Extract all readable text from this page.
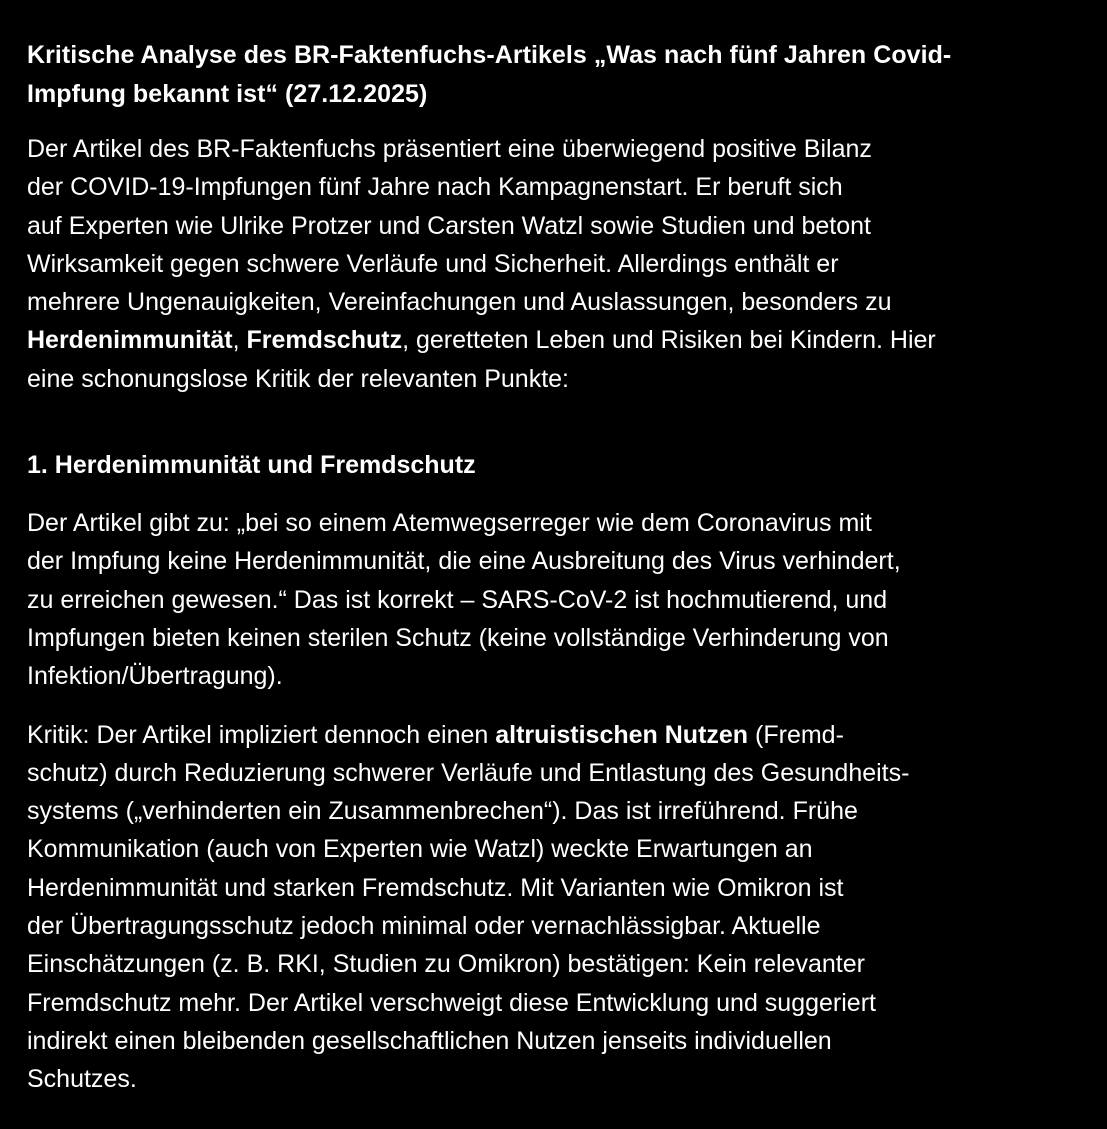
Kritische Analyse des BR-Faktenfuchs-Artikels „Was nach fünf Jahren Covid-
Impfung bekannt ist“ (27.12.2025)

Der Artikel des BR-Faktenfuchs präsentiert eine überwiegend positive Bilanz
der COVID-19-Impfungen fünf Jahre nach Kampagnenstart. Er beruft sich
auf Experten wie Ulrike Protzer und Carsten Watzl sowie Studien und betont
Wirksamkeit gegen schwere Verläufe und Sicherheit. Allerdings enthält er
mehrere Ungenauigkeiten, Vereinfachungen und Auslassungen, besonders zu
Herdenimmunität, Fremdschutz, geretteten Leben und Risiken bei Kindern. Hier
eine schonungslose Kritik der relevanten Punkte:

1. Herdenimmunität und Fremdschutz

Der Artikel gibt zu: „bei so einem Atemwegserreger wie dem Coronavirus mit
der Impfung keine Herdenimmunität, die eine Ausbreitung des Virus verhindert,
zu erreichen gewesen.“ Das ist korrekt – SARS-CoV-2 ist hochmutierend, und
Impfungen bieten keinen sterilen Schutz (keine vollständige Verhinderung von
Infektion/Übertragung).

Kritik: Der Artikel impliziert dennoch einen altruistischen Nutzen (Fremd-
schutz) durch Reduzierung schwerer Verläufe und Entlastung des Gesundheits-
systems („verhinderten ein Zusammenbrechen“). Das ist irreführend. Frühe
Kommunikation (auch von Experten wie Watzl) weckte Erwartungen an
Herdenimmunität und starken Fremdschutz. Mit Varianten wie Omikron ist
der Übertragungsschutz jedoch minimal oder vernachlässigbar. Aktuelle
Einschätzungen (z. B. RKI, Studien zu Omikron) bestätigen: Kein relevanter
Fremdschutz mehr. Der Artikel verschweigt diese Entwicklung und suggeriert
indirekt einen bleibenden gesellschaftlichen Nutzen jenseits individuellen
Schutzes.
